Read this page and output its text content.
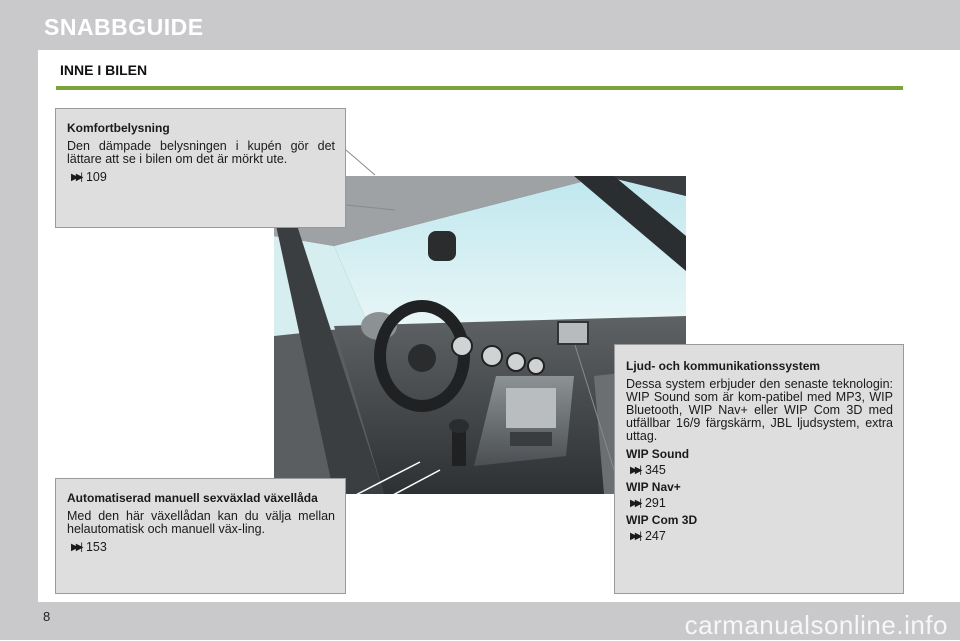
SNABBGUIDE
INNE I BILEN
Komfortbelysning
Den dämpade belysningen i kupén gör det lättare att se i bilen om det är mörkt ute.
▶▶| 109
Automatiserad manuell sexväxlad växellåda
Med den här växellådan kan du välja mellan helautomatisk och manuell väx-ling.
▶▶| 153
Ljud- och kommunikationssystem
Dessa system erbjuder den senaste teknologin: WIP Sound som är kom-patibel med MP3, WIP Bluetooth, WIP Nav+ eller WIP Com 3D med utfällbar 16/9 färgskärm, JBL ljudsystem, extra uttag.
WIP Sound
▶▶| 345
WIP Nav+
▶▶| 291
WIP Com 3D
▶▶| 247
8	carmanualsonline.info
